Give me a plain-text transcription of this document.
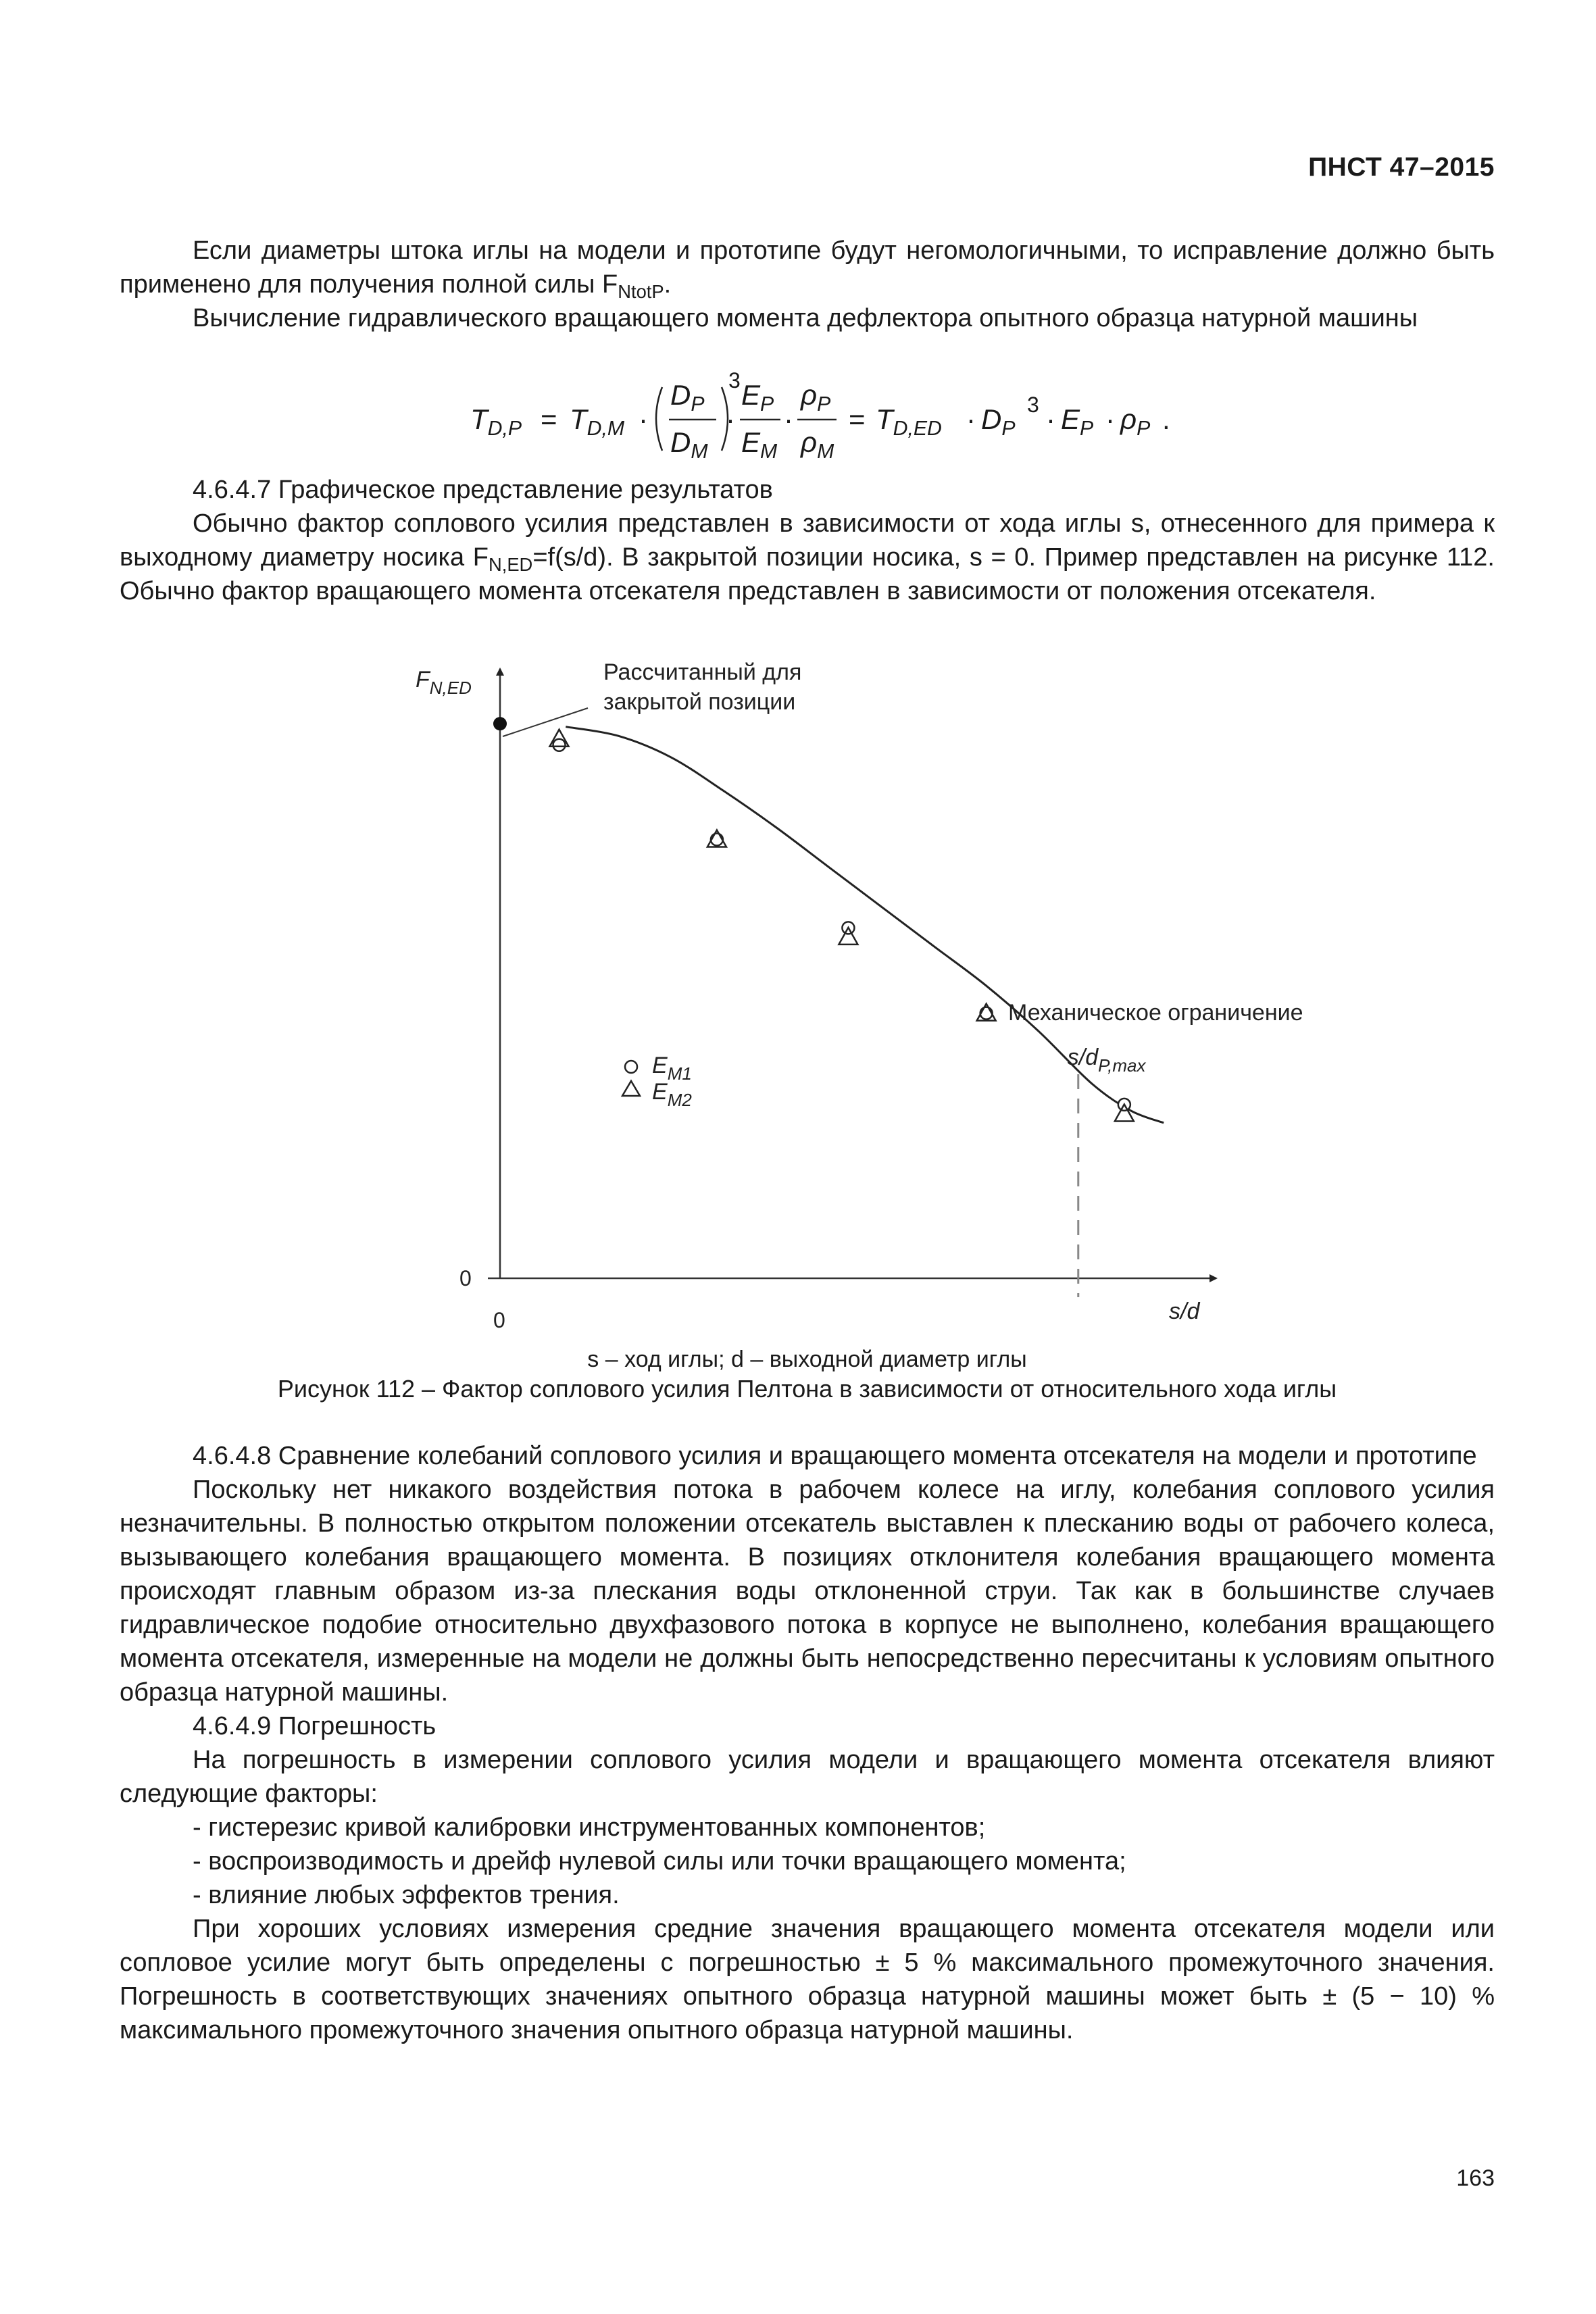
ПНСТ 47–2015

Если диаметры штока иглы на модели и прототипе будут негомологичными, то исправление должно быть применено для получения полной силы $F_{NtotP}$.

Вычисление гидравлического вращающего момента дефлектора опытного образца натурной машины

$T_{D,P} = T_{D,M}$ ·
$D_P$
$D_M$
3
·
$E_P$
$E_M$
·
$\rho_P$
$\rho_M$
= $T_{D,ED} \cdot D_P$
$3 \cdot E_P \cdot \rho_P$ .

4.6.4.7 Графическое представление результатов

Обычно фактор соплового усилия представлен в зависимости от хода иглы s, отнесенного для примера к выходному диаметру носика $F_{N,ED}=f(s/d)$. В закрытой позиции носика, s = 0. Пример представлен на рисунке 112. Обычно фактор вращающего момента отсекателя представлен в зависимости от положения отсекателя.

$F_{N,ED}$
s/d
0
0
Рассчитанный для
закрытой позиции
Механическое ограничение
$s/d_{P,max}$
$E_{M1}$
$E_{M2}$
s – ход иглы; d – выходной диаметр иглы
Рисунок 112 – Фактор соплового усилия Пелтона в зависимости от относительного хода иглы

4.6.4.8 Сравнение колебаний соплового усилия и вращающего момента отсекателя на модели и прототипе

Поскольку нет никакого воздействия потока в рабочем колесе на иглу, колебания соплового усилия незначительны. В полностью открытом положении отсекатель выставлен к плесканию воды от рабочего колеса, вызывающего колебания вращающего момента. В позициях отклонителя колебания вращающего момента происходят главным образом из-за плескания воды отклоненной струи. Так как в большинстве случаев гидравлическое подобие относительно двухфазового потока в корпусе не выполнено, колебания вращающего момента отсекателя, измеренные на модели не должны быть непосредственно пересчитаны к условиям опытного образца натурной машины.

4.6.4.9 Погрешность

На погрешность в измерении соплового усилия модели и вращающего момента отсекателя влияют следующие факторы:

- гистерезис кривой калибровки инструментованных компонентов;

- воспроизводимость и дрейф нулевой силы или точки вращающего момента;

- влияние любых эффектов трения.

При хороших условиях измерения средние значения вращающего момента отсекателя модели или сопловое усилие могут быть определены с погрешностью ± 5 % максимального промежуточного значения. Погрешность в соответствующих значениях опытного образца натурной машины может быть ± (5 − 10) % максимального промежуточного значения опытного образца натурной машины.

163
